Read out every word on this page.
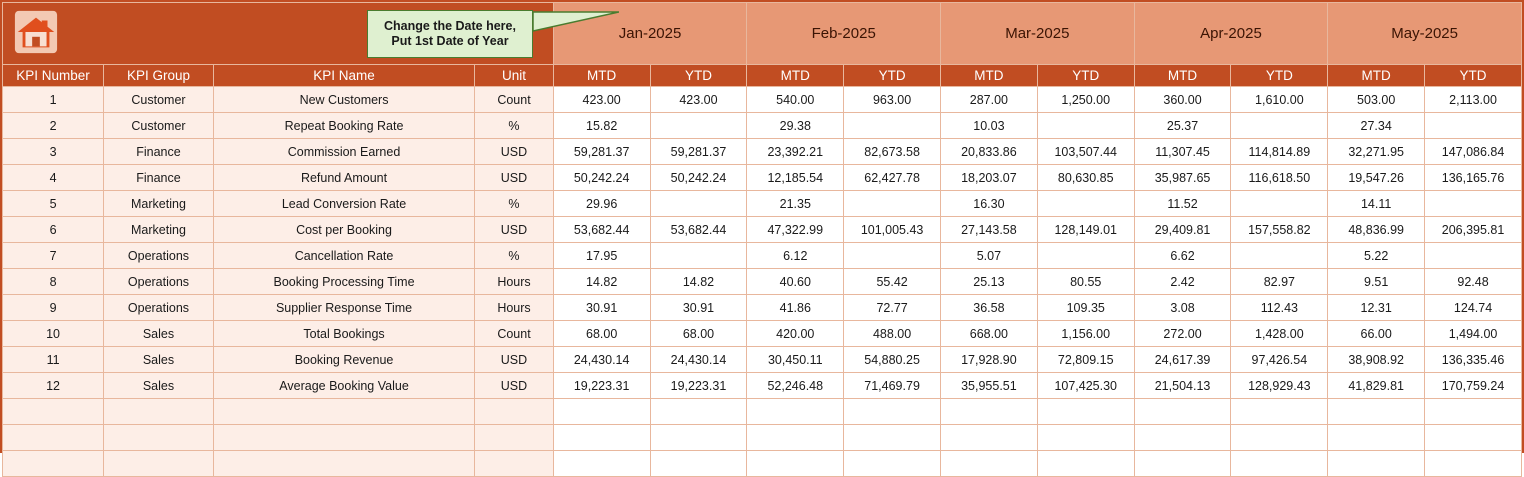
	Jan-2025		Feb-2025		Mar-2025		Apr-2025		May-2025	
KPI Number	KPI Group	KPI Name	Unit	MTD	YTD	MTD	YTD	MTD	YTD	MTD	YTD	MTD	YTD
1	Customer	New Customers	Count	423.00	423.00	540.00	963.00	287.00	1,250.00	360.00	1,610.00	503.00	2,113.00
2	Customer	Repeat Booking Rate	%	15.82		29.38		10.03		25.37		27.34	
3	Finance	Commission Earned	USD	59,281.37	59,281.37	23,392.21	82,673.58	20,833.86	103,507.44	11,307.45	114,814.89	32,271.95	147,086.84
4	Finance	Refund Amount	USD	50,242.24	50,242.24	12,185.54	62,427.78	18,203.07	80,630.85	35,987.65	116,618.50	19,547.26	136,165.76
5	Marketing	Lead Conversion Rate	%	29.96		21.35		16.30		11.52		14.11	
6	Marketing	Cost per Booking	USD	53,682.44	53,682.44	47,322.99	101,005.43	27,143.58	128,149.01	29,409.81	157,558.82	48,836.99	206,395.81
7	Operations	Cancellation Rate	%	17.95		6.12		5.07		6.62		5.22	
8	Operations	Booking Processing Time	Hours	14.82	14.82	40.60	55.42	25.13	80.55	2.42	82.97	9.51	92.48
9	Operations	Supplier Response Time	Hours	30.91	30.91	41.86	72.77	36.58	109.35	3.08	112.43	12.31	124.74
10	Sales	Total Bookings	Count	68.00	68.00	420.00	488.00	668.00	1,156.00	272.00	1,428.00	66.00	1,494.00
11	Sales	Booking Revenue	USD	24,430.14	24,430.14	30,450.11	54,880.25	17,928.90	72,809.15	24,617.39	97,426.54	38,908.92	136,335.46
12	Sales	Average Booking Value	USD	19,223.31	19,223.31	52,246.48	71,469.79	35,955.51	107,425.30	21,504.13	128,929.43	41,829.81	170,759.24

Change the Date here,
Put 1st Date of Year
